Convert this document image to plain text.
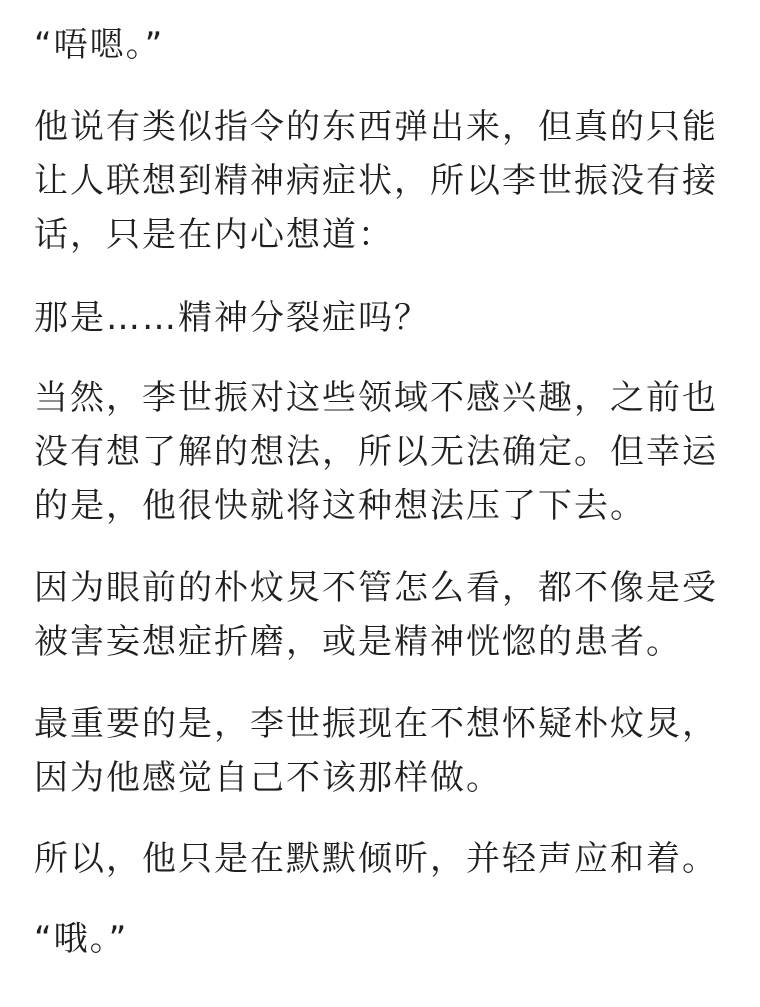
“唔嗯。”

他说有类似指令的东西弹出来，但真的只能
让人联想到精神病症状，所以李世振没有接
话，只是在内心想道：

那是……精神分裂症吗？

当然，李世振对这些领域不感兴趣，之前也
没有想了解的想法，所以无法确定。但幸运
的是，他很快就将这种想法压了下去。

因为眼前的朴炆炅不管怎么看，都不像是受
被害妄想症折磨，或是精神恍惚的患者。

最重要的是，李世振现在不想怀疑朴炆炅，
因为他感觉自己不该那样做。

所以，他只是在默默倾听，并轻声应和着。

“哦。”
